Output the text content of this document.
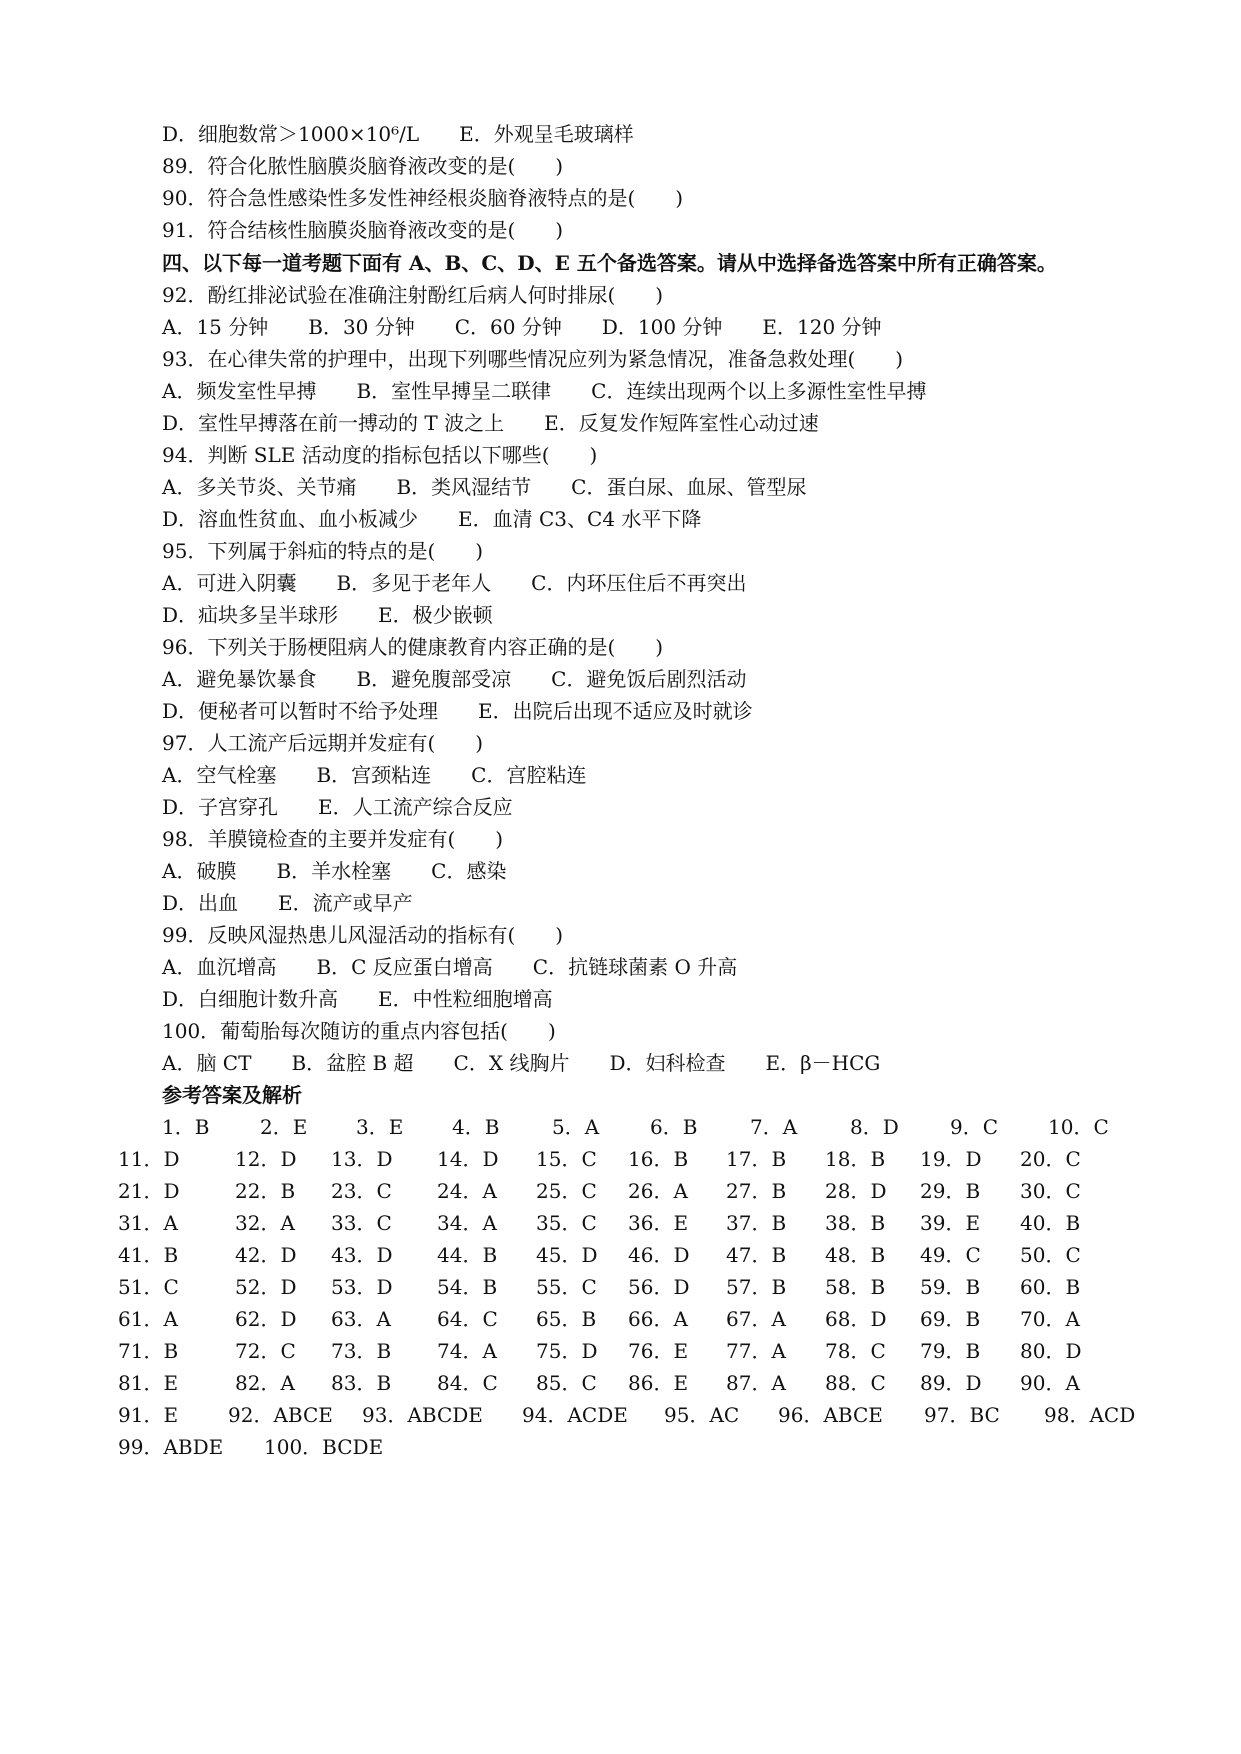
D．细胞数常＞1000×10⁶/L　　E．外观呈毛玻璃样
89．符合化脓性脑膜炎脑脊液改变的是(　　)
90．符合急性感染性多发性神经根炎脑脊液特点的是(　　)
91．符合结核性脑膜炎脑脊液改变的是(　　)
四、以下每一道考题下面有 A、B、C、D、E 五个备选答案。请从中选择备选答案中所有正确答案。
92．酚红排泌试验在准确注射酚红后病人何时排尿(　　)
A．15 分钟　　B．30 分钟　　C．60 分钟　　D．100 分钟　　E．120 分钟
93．在心律失常的护理中，出现下列哪些情况应列为紧急情况，准备急救处理(　　)
A．频发室性早搏　　B．室性早搏呈二联律　　C．连续出现两个以上多源性室性早搏
D．室性早搏落在前一搏动的 T 波之上　　E．反复发作短阵室性心动过速
94．判断 SLE 活动度的指标包括以下哪些(　　)
A．多关节炎、关节痛　　B．类风湿结节　　C．蛋白尿、血尿、管型尿
D．溶血性贫血、血小板减少　　E．血清 C3、C4 水平下降
95．下列属于斜疝的特点的是(　　)
A．可进入阴囊　　B．多见于老年人　　C．内环压住后不再突出
D．疝块多呈半球形　　E．极少嵌顿
96．下列关于肠梗阻病人的健康教育内容正确的是(　　)
A．避免暴饮暴食　　B．避免腹部受凉　　C．避免饭后剧烈活动
D．便秘者可以暂时不给予处理　　E．出院后出现不适应及时就诊
97．人工流产后远期并发症有(　　)
A．空气栓塞　　B．宫颈粘连　　C．宫腔粘连
D．子宫穿孔　　E．人工流产综合反应
98．羊膜镜检查的主要并发症有(　　)
A．破膜　　B．羊水栓塞　　C．感染
D．出血　　E．流产或早产
99．反映风湿热患儿风湿活动的指标有(　　)
A．血沉增高　　B．C 反应蛋白增高　　C．抗链球菌素 O 升高
D．白细胞计数升高　　E．中性粒细胞增高
100．葡萄胎每次随访的重点内容包括(　　)
A．脑 CT　　B．盆腔 B 超　　C．X 线胸片　　D．妇科检查　　E．β－HCG
参考答案及解析
1．B	2．E 3．E 4．B	5．A	6．B	7．A	8．D	9．C 10．C
11．D	12．D 13．D 14．D 15．C 16．B 17．B 18．B 19．D 20．C
21．D	22．B 23．C 24．A 25．C 26．A 27．B 28．D 29．B 30．C
31．A	32．A 33．C 34．A 35．C 36．E 37．B 38．B 39．E 40．B
41．B	42．D 43．D 44．B 45．D 46．D 47．B 48．B 49．C 50．C
51．C	52．D 53．D 54．B 55．C 56．D 57．B 58．B 59．B 60．B
61．A	62．D 63．A 64．C 65．B 66．A 67．A 68．D 69．B 70．A
71．B	72．C 73．B 74．A 75．D 76．E 77．A 78．C 79．B 80．D
81．E	82．A 83．B 84．C 85．C 86．E 87．A 88．C 89．D 90．A
91．E 92．ABCE 93．ABCDE 94．ACDE 95．AC 96．ABCE 97．BC 98．ACD
99．ABDE 100．BCDE
